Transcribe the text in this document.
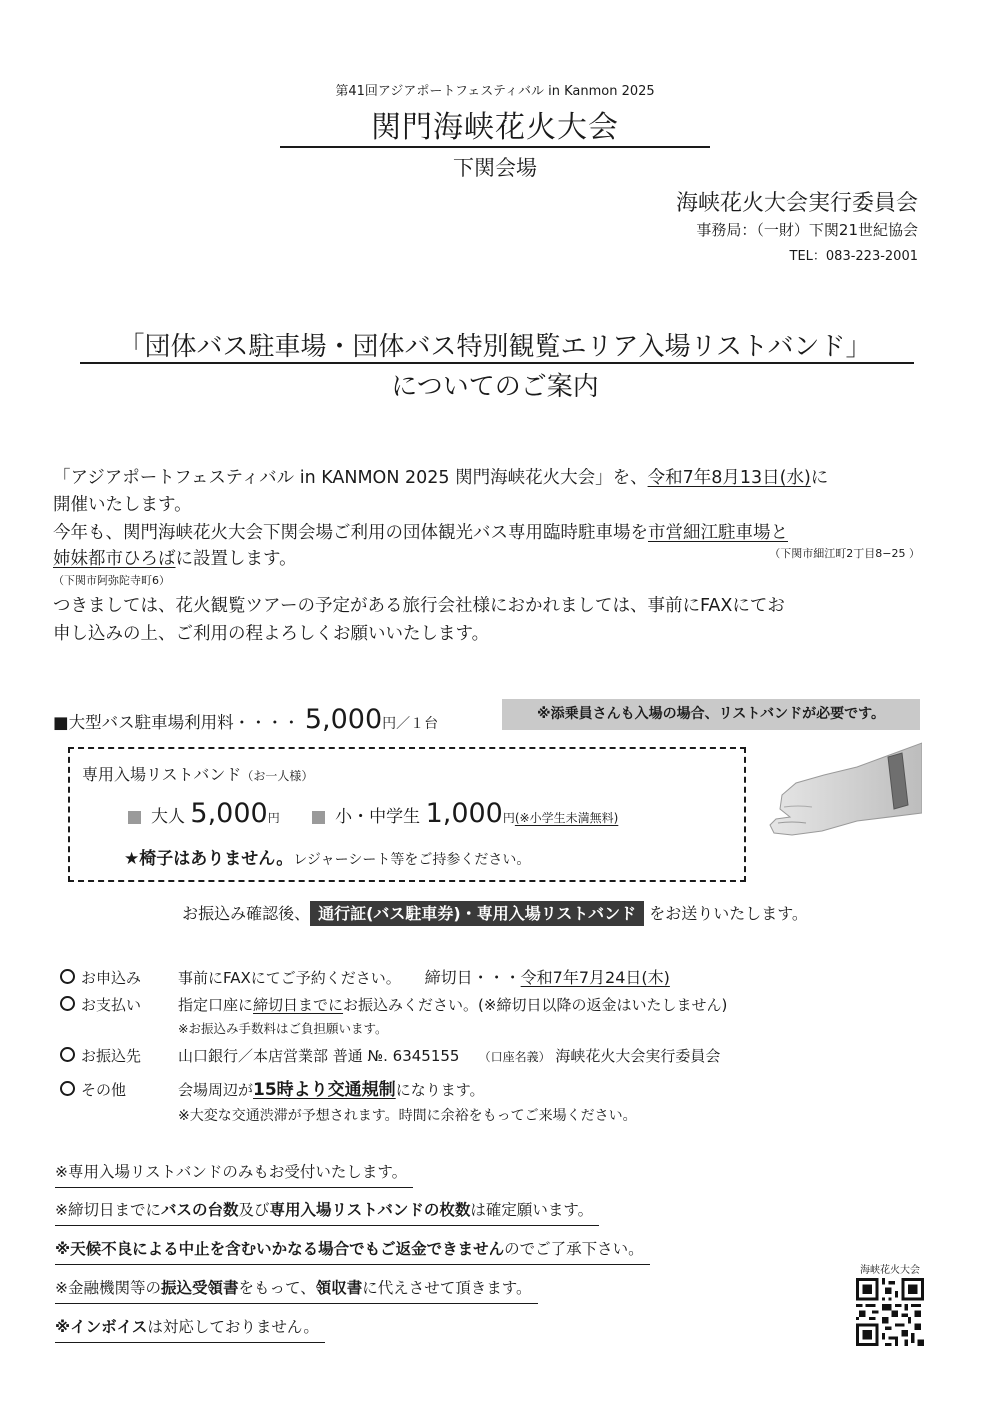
第41回アジアポートフェスティバル in Kanmon 2025
関門海峡花火大会
下関会場
海峡花火大会実行委員会
事務局：（一財）下関21世紀協会
TEL：083-223-2001
「団体バス駐車場・団体バス特別観覧エリア入場リストバンド」
についてのご案内
「アジアポートフェスティバル in KANMON 2025 関門海峡花火大会」を、令和7年8月13日(水)に
開催いたします。
今年も、関門海峡花火大会下関会場ご利用の団体観光バス専用臨時駐車場を市営細江駐車場と
姉妹都市ひろばに設置します。	（下関市細江町2丁目8−25 ）
（下関市阿弥陀寺町6）
つきましては、花火観覧ツアーの予定がある旅行会社様におかれましては、事前にFAXにてお
申し込みの上、ご利用の程よろしくお願いいたします。
■大型バス駐車場利用料・・・・ 5,000円／１台
※添乗員さんも入場の場合、リストバンドが必要です。
専用入場リストバンド（お一人様）
大人 5,000円	小・中学生 1,000円(※小学生未満無料)
★椅子はありません。レジャーシート等をご持参ください。
お振込み確認後、 通行証(バス駐車券)・専用入場リストバンド をお送りいたします。
お申込み 事前にFAXにてご予約ください。 締切日・・・令和7年7月24日(木)
お支払い 指定口座に締切日までにお振込みください。(※締切日以降の返金はいたしません)
※お振込み手数料はご負担願います。
お振込先 山口銀行／本店営業部 普通 №. 6345155 （口座名義） 海峡花火大会実行委員会
その他	会場周辺が15時より交通規制になります。
※大変な交通渋滞が予想されます。時間に余裕をもってご来場ください。
※専用入場リストバンドのみもお受付いたします。
※締切日までにバスの台数及び専用入場リストバンドの枚数は確定願います。
※天候不良による中止を含むいかなる場合でもご返金できませんのでご了承下さい。
※金融機関等の振込受領書をもって、領収書に代えさせて頂きます。
※インボイスは対応しておりません。
海峡花火大会
